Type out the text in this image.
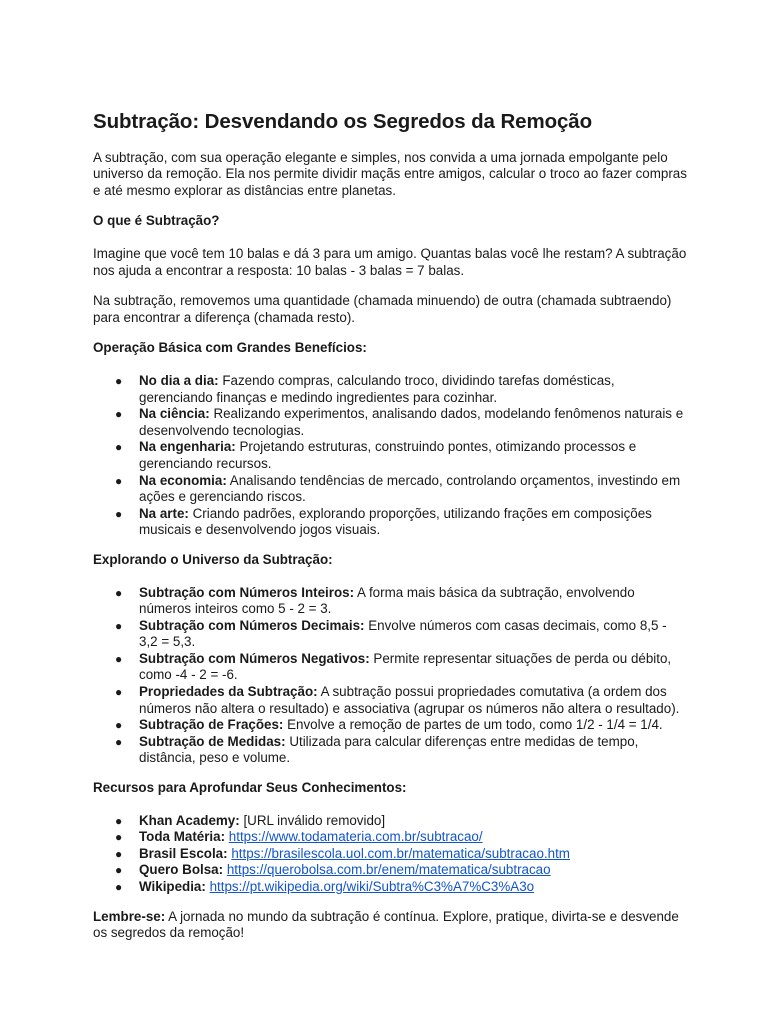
Subtração: Desvendando os Segredos da Remoção

A subtração, com sua operação elegante e simples, nos convida a uma jornada empolgante pelo universo da remoção. Ela nos permite dividir maçãs entre amigos, calcular o troco ao fazer compras e até mesmo explorar as distâncias entre planetas.

O que é Subtração?

Imagine que você tem 10 balas e dá 3 para um amigo. Quantas balas você lhe restam? A subtração nos ajuda a encontrar a resposta: 10 balas - 3 balas = 7 balas.

Na subtração, removemos uma quantidade (chamada minuendo) de outra (chamada subtraendo) para encontrar a diferença (chamada resto).

Operação Básica com Grandes Benefícios:

● No dia a dia: Fazendo compras, calculando troco, dividindo tarefas domésticas, gerenciando finanças e medindo ingredientes para cozinhar.
● Na ciência: Realizando experimentos, analisando dados, modelando fenômenos naturais e desenvolvendo tecnologias.
● Na engenharia: Projetando estruturas, construindo pontes, otimizando processos e gerenciando recursos.
● Na economia: Analisando tendências de mercado, controlando orçamentos, investindo em ações e gerenciando riscos.
● Na arte: Criando padrões, explorando proporções, utilizando frações em composições musicais e desenvolvendo jogos visuais.

Explorando o Universo da Subtração:

● Subtração com Números Inteiros: A forma mais básica da subtração, envolvendo números inteiros como 5 - 2 = 3.
● Subtração com Números Decimais: Envolve números com casas decimais, como 8,5 - 3,2 = 5,3.
● Subtração com Números Negativos: Permite representar situações de perda ou débito, como -4 - 2 = -6.
● Propriedades da Subtração: A subtração possui propriedades comutativa (a ordem dos números não altera o resultado) e associativa (agrupar os números não altera o resultado).
● Subtração de Frações: Envolve a remoção de partes de um todo, como 1/2 - 1/4 = 1/4.
● Subtração de Medidas: Utilizada para calcular diferenças entre medidas de tempo, distância, peso e volume.

Recursos para Aprofundar Seus Conhecimentos:

● Khan Academy: [URL inválido removido]
● Toda Matéria: https://www.todamateria.com.br/subtracao/
● Brasil Escola: https://brasilescola.uol.com.br/matematica/subtracao.htm
● Quero Bolsa: https://querobolsa.com.br/enem/matematica/subtracao
● Wikipedia: https://pt.wikipedia.org/wiki/Subtra%C3%A7%C3%A3o

Lembre-se: A jornada no mundo da subtração é contínua. Explore, pratique, divirta-se e desvende os segredos da remoção!
